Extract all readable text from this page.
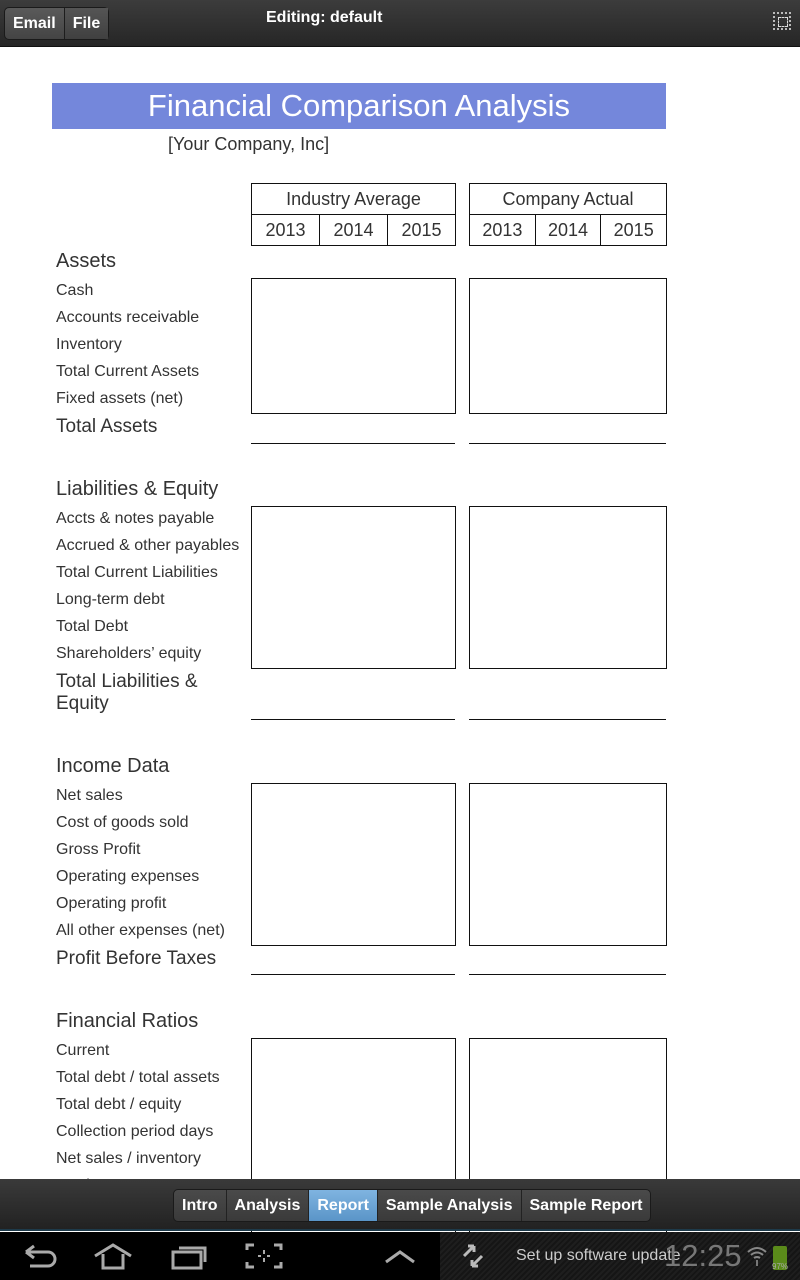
Email	File	Editing: default
Financial Comparison Analysis
[Your Company, Inc]
Industry Average
2013	2014	2015
Company Actual
2013	2014	2015
Assets
Cash
Accounts receivable
Inventory
Total Current Assets
Fixed assets (net)
Total Assets
Liabilities & Equity
Accts & notes payable
Accrued & other payables
Total Current Liabilities
Long-term debt
Total Debt
Shareholders’ equity
Total Liabilities & Equity
Income Data
Net sales
Cost of goods sold
Gross Profit
Operating expenses
Operating profit
All other expenses (net)
Profit Before Taxes
Financial Ratios
Current
Total debt / total assets
Total debt / equity
Collection period days
Net sales / inventory
Intro	Analysis	Report	Sample Analysis	Sample Report
Set up software update
12:25	97%
